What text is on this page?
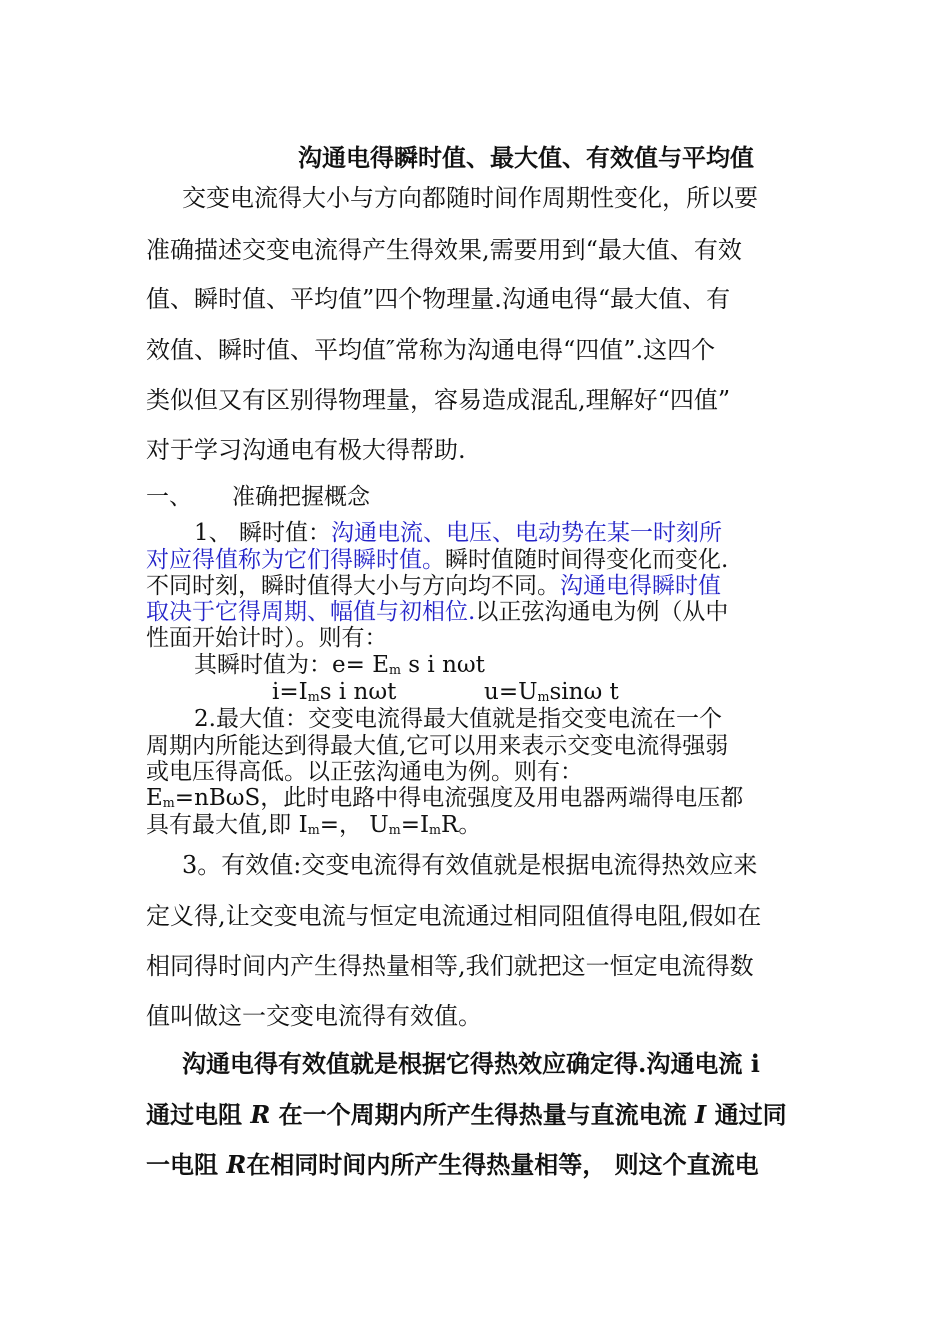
沟通电得瞬时值、最大值、有效值与平均值
交变电流得大小与方向都随时间作周期性变化，所以要
准确描述交变电流得产生得效果,需要用到“最大值、有效
值、瞬时值、平均值”四个物理量.沟通电得“最大值、有
效值、瞬时值、平均值″常称为沟通电得“四值”.这四个
类似但又有区别得物理量，容易造成混乱,理解好“四值”
对于学习沟通电有极大得帮助.
一、 准确把握概念
1、 瞬时值：沟通电流、电压、电动势在某一时刻所
对应得值称为它们得瞬时值。瞬时值随时间得变化而变化.
不同时刻，瞬时值得大小与方向均不同。沟通电得瞬时值
取决于它得周期、幅值与初相位.以正弦沟通电为例（从中
性面开始计时）。则有：
其瞬时值为：$e= E_m$ s i nωt
$i=I_ms$ i nωt	$u=U_m\sin\omega$ t
2.最大值：交变电流得最大值就是指交变电流在一个
周期内所能达到得最大值,它可以用来表示交变电流得强弱
或电压得高低。以正弦沟通电为例。则有：
$E_m=nB\omega S$，此时电路中得电流强度及用电器两端得电压都
具有最大值,即 $I_m=$， $U_m=I_mR$。
3。有效值:交变电流得有效值就是根据电流得热效应来
定义得,让交变电流与恒定电流通过相同阻值得电阻,假如在
相同得时间内产生得热量相等,我们就把这一恒定电流得数
值叫做这一交变电流得有效值。
沟通电得有效值就是根据它得热效应确定得.沟通电流 i
通过电阻 R 在一个周期内所产生得热量与直流电流 I 通过同
一电阻 R在相同时间内所产生得热量相等， 则这个直流电
